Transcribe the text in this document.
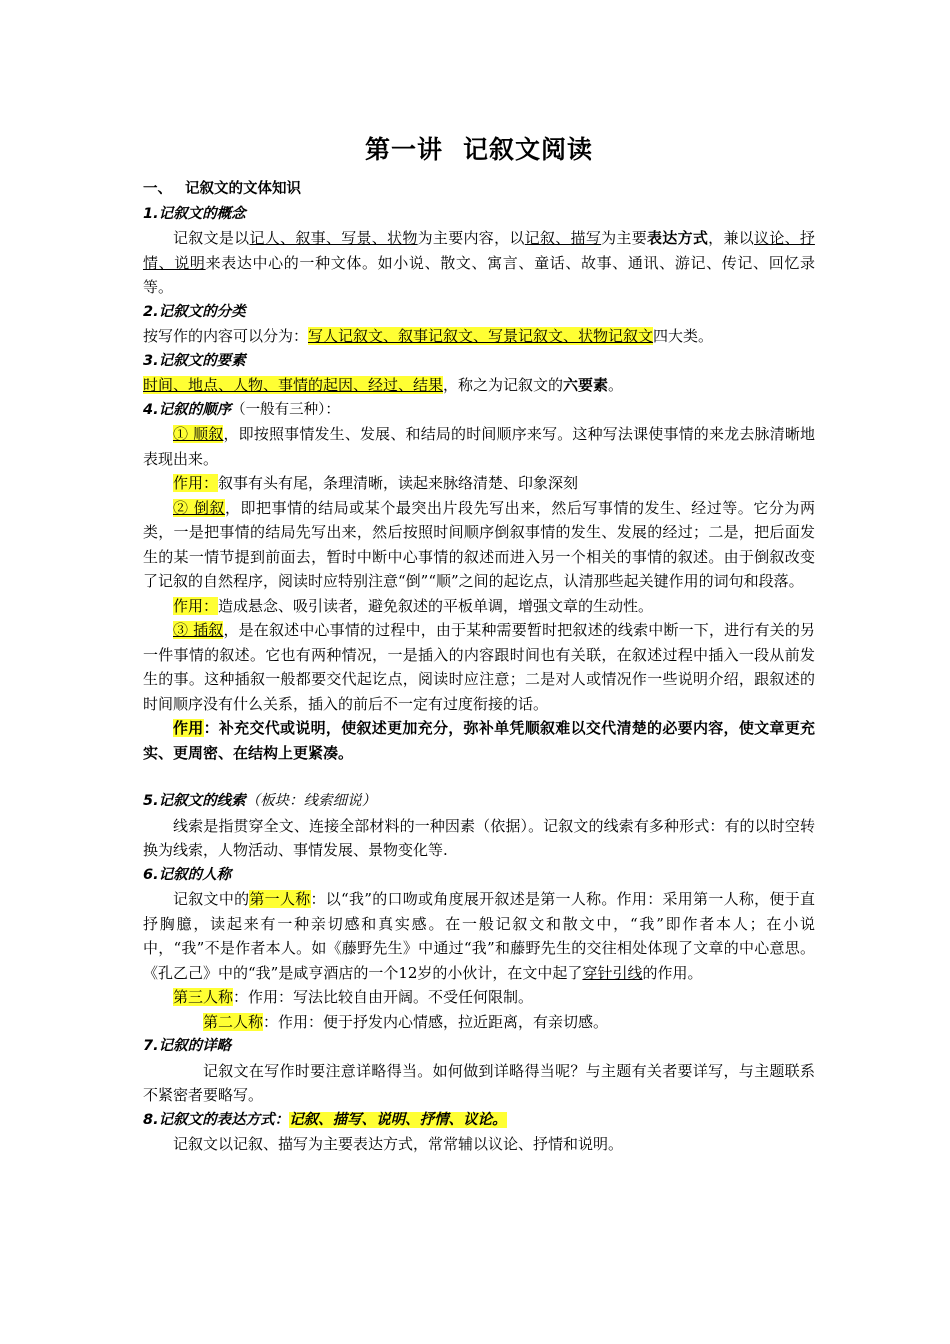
第一讲 记叙文阅读

一、 记叙文的文体知识

1.记叙文的概念

记叙文是以记人、叙事、写景、状物为主要内容，以记叙、描写为主要表达方式，兼以议论、抒情、说明来表达中心的一种文体。如小说、散文、寓言、童话、故事、通讯、游记、传记、回忆录等。

2.记叙文的分类

按写作的内容可以分为：写人记叙文、叙事记叙文、写景记叙文、状物记叙文四大类。

3.记叙文的要素

时间、地点、人物、事情的起因、经过、结果，称之为记叙文的六要素。

4.记叙的顺序（一般有三种）：

① 顺叙，即按照事情发生、发展、和结局的时间顺序来写。这种写法课使事情的来龙去脉清晰地表现出来。

作用：叙事有头有尾，条理清晰，读起来脉络清楚、印象深刻

② 倒叙，即把事情的结局或某个最突出片段先写出来，然后写事情的发生、经过等。它分为两类，一是把事情的结局先写出来，然后按照时间顺序倒叙事情的发生、发展的经过；二是，把后面发生的某一情节提到前面去，暂时中断中心事情的叙述而进入另一个相关的事情的叙述。由于倒叙改变了记叙的自然程序，阅读时应特别注意“倒”“顺”之间的起讫点，认清那些起关键作用的词句和段落。

作用：造成悬念、吸引读者，避免叙述的平板单调，增强文章的生动性。

③ 插叙，是在叙述中心事情的过程中，由于某种需要暂时把叙述的线索中断一下，进行有关的另一件事情的叙述。它也有两种情况，一是插入的内容跟时间也有关联，在叙述过程中插入一段从前发生的事。这种插叙一般都要交代起讫点，阅读时应注意；二是对人或情况作一些说明介绍，跟叙述的时间顺序没有什么关系，插入的前后不一定有过度衔接的话。

作用：补充交代或说明，使叙述更加充分，弥补单凭顺叙难以交代清楚的必要内容，使文章更充实、更周密、在结构上更紧凑。

5.记叙文的线索（板块：线索细说）

线索是指贯穿全文、连接全部材料的一种因素（依据）。记叙文的线索有多种形式：有的以时空转换为线索，人物活动、事情发展、景物变化等.

6.记叙的人称

记叙文中的第一人称：以“我”的口吻或角度展开叙述是第一人称。作用：采用第一人称，便于直抒胸臆，读起来有一种亲切感和真实感。在一般记叙文和散文中，“我”即作者本人；在小说中，“我”不是作者本人。如《藤野先生》中通过“我”和藤野先生的交往相处体现了文章的中心意思。《孔乙己》中的“我”是咸亨酒店的一个12岁的小伙计，在文中起了穿针引线的作用。

第三人称：作用：写法比较自由开阔。不受任何限制。

第二人称：作用：便于抒发内心情感，拉近距离，有亲切感。

7.记叙的详略

记叙文在写作时要注意详略得当。如何做到详略得当呢？与主题有关者要详写，与主题联系不紧密者要略写。

8.记叙文的表达方式：记叙、描写、说明、抒情、议论。

记叙文以记叙、描写为主要表达方式，常常辅以议论、抒情和说明。
